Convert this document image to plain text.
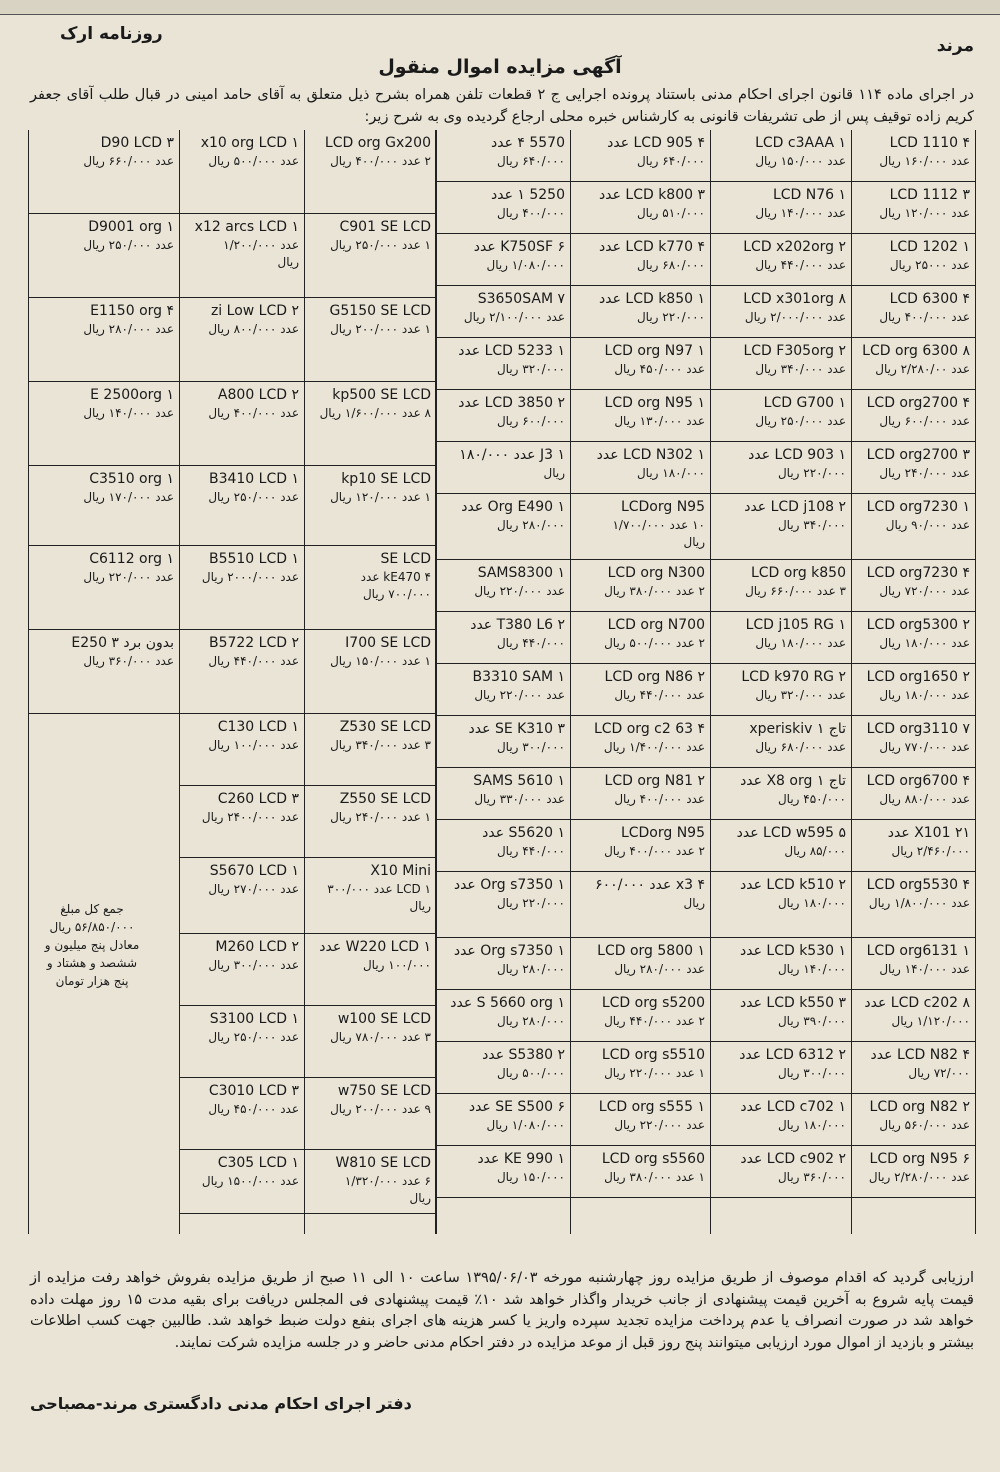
روزنامه ارک
مرند
آگهی مزایده اموال منقول
در اجرای ماده ۱۱۴ قانون اجرای احکام مدنی باستناد پرونده اجرایی ج ۲ قطعات تلفن همراه بشرح ذیل متعلق به آقای حامد امینی در قبال طلب آقای جعفر کریم زاده توقیف پس از طی تشریفات قانونی به کارشناس خبره محلی ارجاع گردیده وی به شرح زیر:
LCD 1110 ۴
عدد ۱۶۰/۰۰۰ ریال
LCD 1112 ۳
عدد ۱۲۰/۰۰۰ ریال
LCD 1202 ۱
عدد ۲۵۰۰۰ ریال
LCD 6300 ۴
عدد ۴۰۰/۰۰۰ ریال
LCD org 6300 ۸
عدد ۲/۲۸۰/۰۰ ریال
LCD org2700 ۴
عدد ۶۰۰/۰۰۰ ریال
LCD org2700 ۳
عدد ۲۴۰/۰۰۰ ریال
LCD org7230 ۱
عدد ۹۰/۰۰۰ ریال
LCD org7230 ۴
عدد ۷۲۰/۰۰۰ ریال
LCD org5300 ۲
عدد ۱۸۰/۰۰۰ ریال
LCD org1650 ۲
عدد ۱۸۰/۰۰۰ ریال
LCD org3110 ۷
عدد ۷۷۰/۰۰۰ ریال
LCD org6700 ۴
عدد ۸۸۰/۰۰۰ ریال
X101 ۲۱ عدد
۲/۴۶۰/۰۰۰ ریال
LCD org5530 ۴
عدد ۱/۸۰۰/۰۰۰ ریال
LCD org6131 ۱
عدد ۱۴۰/۰۰۰ ریال
LCD c202 ۸ عدد
۱/۱۲۰/۰۰۰ ریال
LCD N82 ۴ عدد
۷۲/۰۰۰ ریال
LCD org N82 ۲
عدد ۵۶۰/۰۰۰ ریال
LCD org N95 ۶
عدد ۲/۲۸۰/۰۰۰ ریال
LCD c3AAA ۱
عدد ۱۵۰/۰۰۰ ریال
LCD N76 ۱
عدد ۱۴۰/۰۰۰ ریال
LCD x202org ۲
عدد ۴۴۰/۰۰۰ ریال
LCD x301org ۸
عدد ۲/۰۰۰/۰۰۰ ریال
LCD F305org ۲
عدد ۳۴۰/۰۰۰ ریال
LCD G700 ۱
عدد ۲۵۰/۰۰۰ ریال
LCD 903 ۱ عدد
۲۲۰/۰۰۰ ریال
LCD j108 ۲ عدد
۳۴۰/۰۰۰ ریال
LCD org k850
۳ عدد ۶۶۰/۰۰۰ ریال
LCD j105 RG ۱
عدد ۱۸۰/۰۰۰ ریال
LCD k970 RG ۲
عدد ۳۲۰/۰۰۰ ریال
تاج xperiskiv ۱
عدد ۶۸۰/۰۰۰ ریال
تاج X8 org ۱ عدد
۴۵۰/۰۰۰ ریال
LCD w595 ۵ عدد
۸۵/۰۰۰ ریال
LCD k510 ۲ عدد
۱۸۰/۰۰۰ ریال
LCD k530 ۱ عدد
۱۴۰/۰۰۰ ریال
LCD k550 ۳ عدد
۳۹۰/۰۰۰ ریال
LCD 6312 ۲ عدد
۳۰۰/۰۰۰ ریال
LCD c702 ۱ عدد
۱۸۰/۰۰۰ ریال
LCD c902 ۲ عدد
۳۶۰/۰۰۰ ریال
LCD 905 ۴ عدد
۶۴۰/۰۰۰ ریال
LCD k800 ۳ عدد
۵۱۰/۰۰۰ ریال
LCD k770 ۴ عدد
۶۸۰/۰۰۰ ریال
LCD k850 ۱ عدد
۲۲۰/۰۰۰ ریال
LCD org N97 ۱
عدد ۴۵۰/۰۰۰ ریال
LCD org N95 ۱
عدد ۱۳۰/۰۰۰ ریال
LCD N302 ۱ عدد
۱۸۰/۰۰۰ ریال
LCDorg N95
۱۰ عدد ۱/۷۰۰/۰۰۰
ریال
LCD org N300
۲ عدد ۳۸۰/۰۰۰ ریال
LCD org N700
۲ عدد ۵۰۰/۰۰۰ ریال
LCD org N86 ۲
عدد ۴۴۰/۰۰۰ ریال
LCD org c2 63 ۴
عدد ۱/۴۰۰/۰۰۰ ریال
LCD org N81 ۲
عدد ۴۰۰/۰۰۰ ریال
LCDorg N95
۲ عدد ۴۰۰/۰۰۰ ریال
x3 ۴ عدد ۶۰۰/۰۰۰
ریال
LCD org 5800 ۱
عدد ۲۸۰/۰۰۰ ریال
LCD org s5200
۲ عدد ۴۴۰/۰۰۰ ریال
LCD org s5510
۱ عدد ۲۲۰/۰۰۰ ریال
LCD org s555 ۱
عدد ۲۲۰/۰۰۰ ریال
LCD org s5560
۱ عدد ۳۸۰/۰۰۰ ریال
5570 ۴ عدد
۶۴۰/۰۰۰ ریال
5250 ۱ عدد
۴۰۰/۰۰۰ ریال
K750SF ۶ عدد
۱/۰۸۰/۰۰۰ ریال
S3650SAM ۷
عدد ۲/۱۰۰/۰۰۰ ریال
LCD 5233 ۱ عدد
۳۲۰/۰۰۰ ریال
LCD 3850 ۲ عدد
۶۰۰/۰۰۰ ریال
J3 ۱ عدد ۱۸۰/۰۰۰
ریال
Org E490 ۱ عدد
۲۸۰/۰۰۰ ریال
SAMS8300 ۱
عدد ۲۲۰/۰۰۰ ریال
T380 L6 ۲ عدد
۴۴۰/۰۰۰ ریال
B3310 SAM ۱
عدد ۲۲۰/۰۰۰ ریال
SE K310 ۳ عدد
۳۰۰/۰۰۰ ریال
SAMS 5610 ۱
عدد ۳۳۰/۰۰۰ ریال
S5620 ۱ عدد
۴۴۰/۰۰۰ ریال
Org s7350 ۱ عدد
۲۲۰/۰۰۰ ریال
Org s7350 ۱ عدد
۲۸۰/۰۰۰ ریال
S 5660 org ۱ عدد
۲۸۰/۰۰۰ ریال
S5380 ۲ عدد
۵۰۰/۰۰۰ ریال
SE S500 ۶ عدد
۱/۰۸۰/۰۰۰ ریال
KE 990 ۱ عدد
۱۵۰/۰۰۰ ریال
LCD org Gx200
۲ عدد ۴۰۰/۰۰۰ ریال
C901 SE LCD
۱ عدد ۲۵۰/۰۰۰ ریال
G5150 SE LCD
۱ عدد ۲۰۰/۰۰۰ ریال
kp500 SE LCD
۸ عدد ۱/۶۰۰/۰۰۰ ریال
kp10 SE LCD
۱ عدد ۱۲۰/۰۰۰ ریال
SE LCD
kE470 ۴ عدد
۷۰۰/۰۰۰ ریال
I700 SE LCD
۱ عدد ۱۵۰/۰۰۰ ریال
Z530 SE LCD
۳ عدد ۳۴۰/۰۰۰ ریال
Z550 SE LCD
۱ عدد ۲۴۰/۰۰۰ ریال
X10 Mini
LCD ۱ عدد ۳۰۰/۰۰۰
ریال
W220 LCD ۱ عدد
۱۰۰/۰۰۰ ریال
w100 SE LCD
۳ عدد ۷۸۰/۰۰۰ ریال
w750 SE LCD
۹ عدد ۲۰۰/۰۰۰ ریال
W810 SE LCD
۶ عدد ۱/۳۲۰/۰۰۰
ریال
x10 org LCD ۱
عدد ۵۰۰/۰۰۰ ریال
x12 arcs LCD ۱
عدد ۱/۲۰۰/۰۰۰
ریال
zi Low LCD ۲
عدد ۸۰۰/۰۰۰ ریال
A800 LCD ۲
عدد ۴۰۰/۰۰۰ ریال
B3410 LCD ۱
عدد ۲۵۰/۰۰۰ ریال
B5510 LCD ۱
عدد ۲۰۰۰/۰۰۰ ریال
B5722 LCD ۲
عدد ۴۴۰/۰۰۰ ریال
C130 LCD ۱
عدد ۱۰۰/۰۰۰ ریال
C260 LCD ۳
عدد ۲۴۰۰/۰۰۰ ریال
S5670 LCD ۱
عدد ۲۷۰/۰۰۰ ریال
M260 LCD ۲
عدد ۳۰۰/۰۰۰ ریال
S3100 LCD ۱
عدد ۲۵۰/۰۰۰ ریال
C3010 LCD ۳
عدد ۴۵۰/۰۰۰ ریال
C305 LCD ۱
عدد ۱۵۰۰/۰۰۰ ریال
D90 LCD ۳
عدد ۶۶۰/۰۰۰ ریال
D9001 org ۱
عدد ۲۵۰/۰۰۰ ریال
E1150 org ۴
عدد ۲۸۰/۰۰۰ ریال
E 2500org ۱
عدد ۱۴۰/۰۰۰ ریال
C3510 org ۱
عدد ۱۷۰/۰۰۰ ریال
C6112 org ۱
عدد ۲۲۰/۰۰۰ ریال
بدون برد E250 ۳
عدد ۳۶۰/۰۰۰ ریال
جمع کل مبلغ
۵۶/۸۵۰/۰۰۰ ریال
معادل پنج میلیون و
ششصد و هشتاد و
پنج هزار تومان
ارزیابی گردید که اقدام موصوف از طریق مزایده روز چهارشنبه مورخه ۱۳۹۵/۰۶/۰۳ ساعت ۱۰ الی ۱۱ صبح از طریق مزایده بفروش خواهد رفت مزایده از قیمت پایه شروع به آخرین قیمت پیشنهادی از جانب خریدار واگذار خواهد شد ۱۰٪ قیمت پیشنهادی فی المجلس دریافت برای بقیه مدت ۱۵ روز مهلت داده خواهد شد در صورت انصراف یا عدم پرداخت مزایده تجدید سپرده واریز یا کسر هزینه های اجرای بنفع دولت ضبط خواهد شد. طالبین جهت کسب اطلاعات بیشتر و بازدید از اموال مورد ارزیابی میتوانند پنج روز قبل از موعد مزایده در دفتر احکام مدنی حاضر و در جلسه مزایده شرکت نمایند.
دفتر اجرای احکام مدنی دادگستری مرند-مصباحی
